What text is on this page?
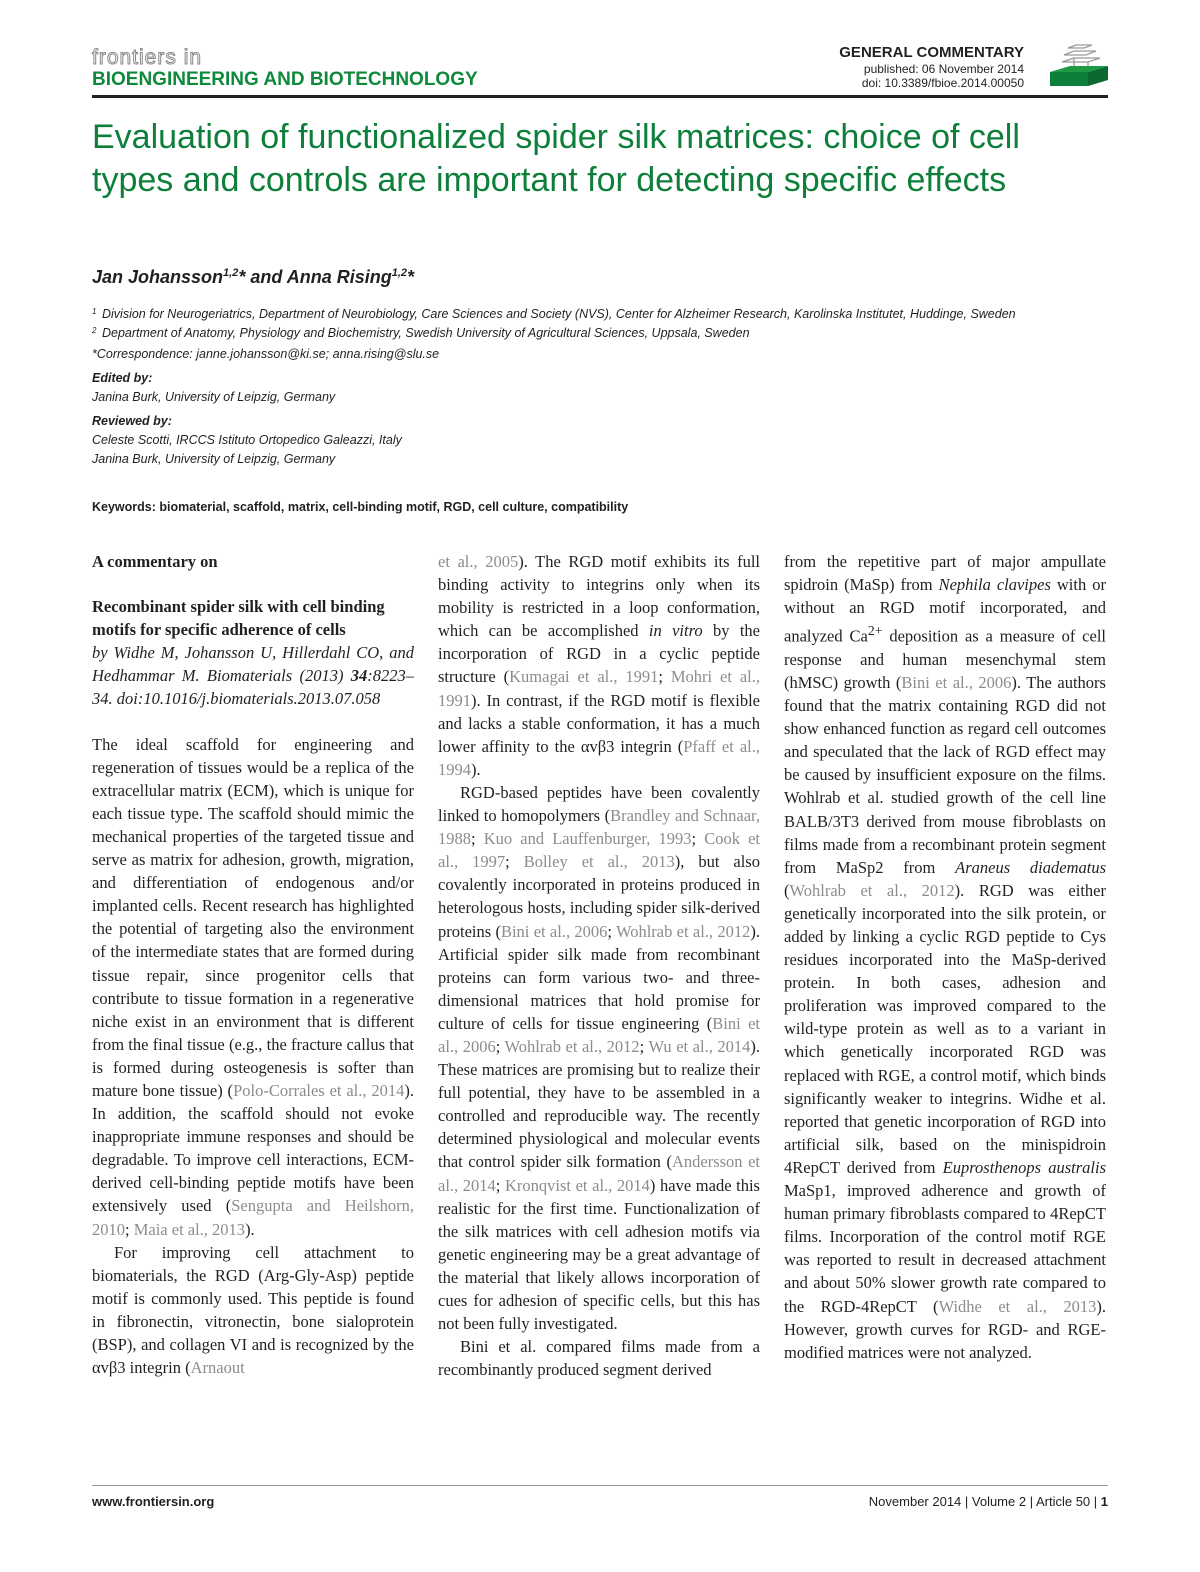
frontiers in
BIOENGINEERING AND BIOTECHNOLOGY
GENERAL COMMENTARY
published: 06 November 2014
doi: 10.3389/fbioe.2014.00050
Evaluation of functionalized spider silk matrices: choice of cell types and controls are important for detecting specific effects
Jan Johansson$^{1,2}$* and Anna Rising$^{1,2}$*
1 Division for Neurogeriatrics, Department of Neurobiology, Care Sciences and Society (NVS), Center for Alzheimer Research, Karolinska Institutet, Huddinge, Sweden
2 Department of Anatomy, Physiology and Biochemistry, Swedish University of Agricultural Sciences, Uppsala, Sweden
*Correspondence: janne.johansson@ki.se; anna.rising@slu.se
Edited by:
Janina Burk, University of Leipzig, Germany
Reviewed by:
Celeste Scotti, IRCCS Istituto Ortopedico Galeazzi, Italy
Janina Burk, University of Leipzig, Germany
Keywords: biomaterial, scaffold, matrix, cell-binding motif, RGD, cell culture, compatibility

A commentary on

Recombinant spider silk with cell binding motifs for specific adherence of cells

by Widhe M, Johansson U, Hillerdahl CO, and Hedhammar M. Biomaterials (2013) 34:8223–34. doi:10.1016/j.biomaterials.2013.07.058

The ideal scaffold for engineering and regeneration of tissues would be a replica of the extracellular matrix (ECM), which is unique for each tissue type. The scaffold should mimic the mechanical properties of the targeted tissue and serve as matrix for adhesion, growth, migration, and differentiation of endogenous and/or implanted cells. Recent research has highlighted the potential of targeting also the environment of the intermediate states that are formed during tissue repair, since progenitor cells that contribute to tissue formation in a regenerative niche exist in an environment that is different from the final tissue (e.g., the fracture callus that is formed during osteogenesis is softer than mature bone tissue) (Polo-Corrales et al., 2014). In addition, the scaffold should not evoke inappropriate immune responses and should be degradable. To improve cell interactions, ECM-derived cell-binding peptide motifs have been extensively used (Sengupta and Heilshorn, 2010; Maia et al., 2013).

For improving cell attachment to biomaterials, the RGD (Arg-Gly-Asp) peptide motif is commonly used. This peptide is found in fibronectin, vitronectin, bone sialoprotein (BSP), and collagen VI and is recognized by the αvβ3 integrin (Arnaout

et al., 2005). The RGD motif exhibits its full binding activity to integrins only when its mobility is restricted in a loop conformation, which can be accomplished in vitro by the incorporation of RGD in a cyclic peptide structure (Kumagai et al., 1991; Mohri et al., 1991). In contrast, if the RGD motif is flexible and lacks a stable conformation, it has a much lower affinity to the αvβ3 integrin (Pfaff et al., 1994).

RGD-based peptides have been covalently linked to homopolymers (Brandley and Schnaar, 1988; Kuo and Lauffenburger, 1993; Cook et al., 1997; Bolley et al., 2013), but also covalently incorporated in proteins produced in heterologous hosts, including spider silk-derived proteins (Bini et al., 2006; Wohlrab et al., 2012). Artificial spider silk made from recombinant proteins can form various two- and three-dimensional matrices that hold promise for culture of cells for tissue engineering (Bini et al., 2006; Wohlrab et al., 2012; Wu et al., 2014). These matrices are promising but to realize their full potential, they have to be assembled in a controlled and reproducible way. The recently determined physiological and molecular events that control spider silk formation (Andersson et al., 2014; Kronqvist et al., 2014) have made this realistic for the first time. Functionalization of the silk matrices with cell adhesion motifs via genetic engineering may be a great advantage of the material that likely allows incorporation of cues for adhesion of specific cells, but this has not been fully investigated.

Bini et al. compared films made from a recombinantly produced segment derived

from the repetitive part of major ampullate spidroin (MaSp) from Nephila clavipes with or without an RGD motif incorporated, and analyzed $Ca^{2+}$ deposition as a measure of cell response and human mesenchymal stem (hMSC) growth (Bini et al., 2006). The authors found that the matrix containing RGD did not show enhanced function as regard cell outcomes and speculated that the lack of RGD effect may be caused by insufficient exposure on the films. Wohlrab et al. studied growth of the cell line BALB/3T3 derived from mouse fibroblasts on films made from a recombinant protein segment from MaSp2 from Araneus diadematus (Wohlrab et al., 2012). RGD was either genetically incorporated into the silk protein, or added by linking a cyclic RGD peptide to Cys residues incorporated into the MaSp-derived protein. In both cases, adhesion and proliferation was improved compared to the wild-type protein as well as to a variant in which genetically incorporated RGD was replaced with RGE, a control motif, which binds significantly weaker to integrins. Widhe et al. reported that genetic incorporation of RGD into artificial silk, based on the minispidroin 4RepCT derived from Euprosthenops australis MaSp1, improved adherence and growth of human primary fibroblasts compared to 4RepCT films. Incorporation of the control motif RGE was reported to result in decreased attachment and about 50% slower growth rate compared to the RGD-4RepCT (Widhe et al., 2013). However, growth curves for RGD- and RGE-modified matrices were not analyzed.

www.frontiersin.org	November 2014 | Volume 2 | Article 50 | 1
